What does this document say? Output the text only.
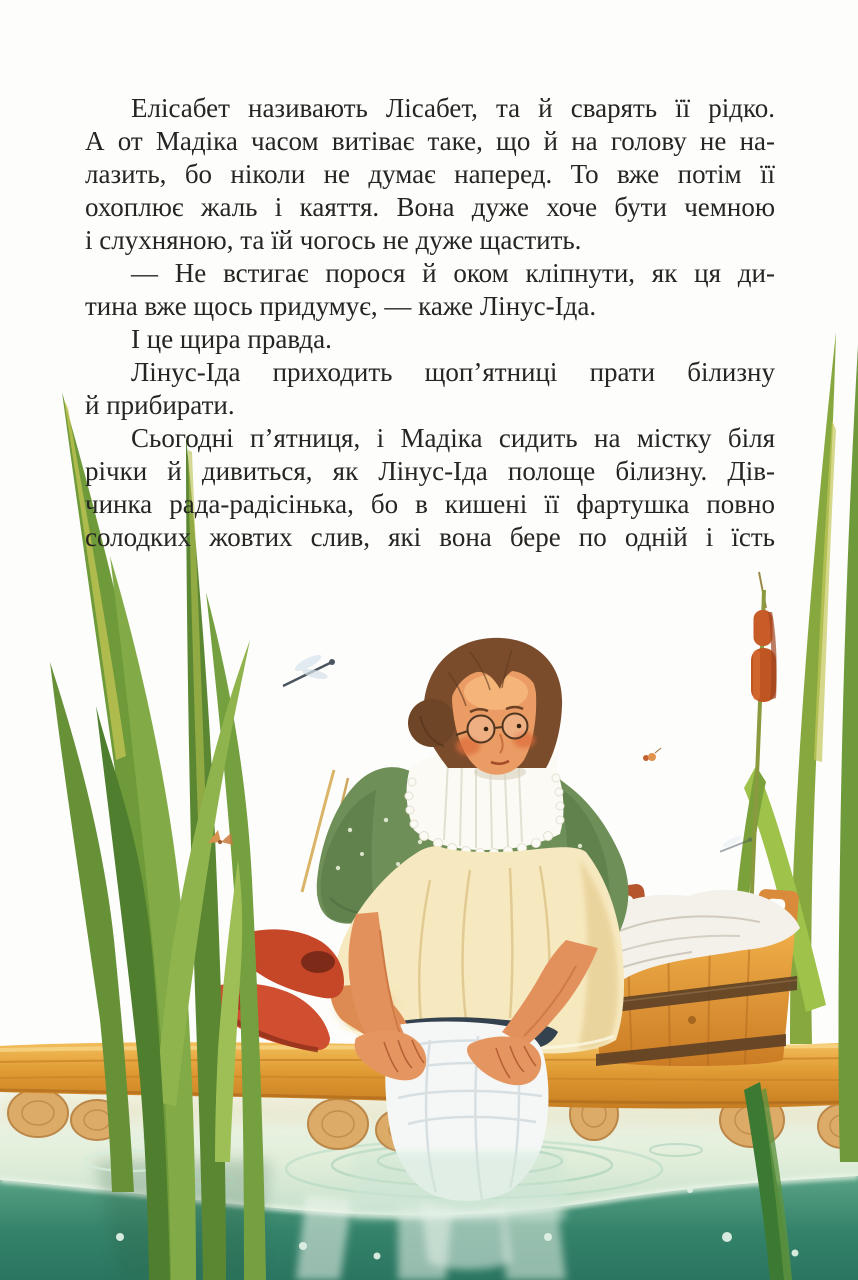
Елісабет називають Лісабет, та й сварять її рідко.
А от Мадіка часом витіває таке, що й на голову не на-
лазить, бо ніколи не думає наперед. То вже потім її
охоплює жаль і каяття. Вона дуже хоче бути чемною
і слухняною, та їй чогось не дуже щастить.
— Не встигає порося й оком кліпнути, як ця ди-
тина вже щось придумує, — каже Лінус-Іда.
І це щира правда.
Лінус-Іда приходить щоп’ятниці прати білизну
й прибирати.
Сьогодні п’ятниця, і Мадіка сидить на містку біля
річки й дивиться, як Лінус-Іда полоще білизну. Дів-
чинка рада-радісінька, бо в кишені її фартушка повно
солодких жовтих слив, які вона бере по одній і їсть
